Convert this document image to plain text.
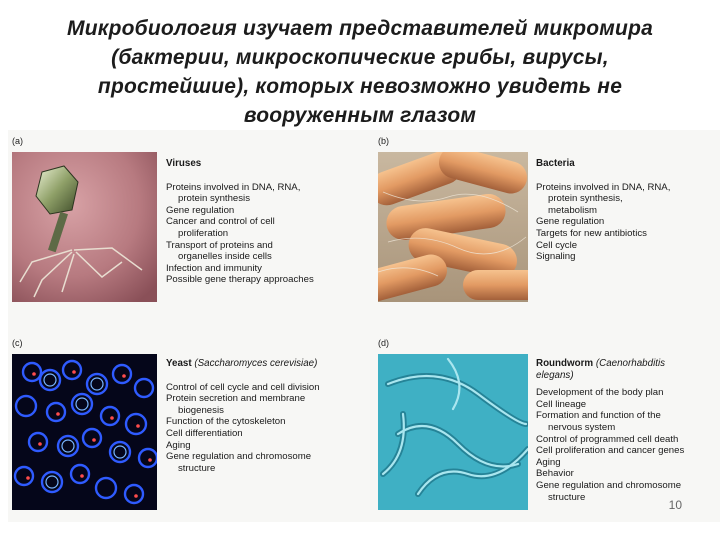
Микробиология изучает представителей микромира
(бактерии, микроскопические грибы, вирусы,
простейшие), которых невозможно увидеть не
вооруженным глазом
(a)
Viruses
Proteins involved in DNA, RNA,
protein synthesis
Gene regulation
Cancer and control of cell
proliferation
Transport of proteins and
organelles inside cells
Infection and immunity
Possible gene therapy approaches
(b)
Bacteria
Proteins involved in DNA, RNA,
protein synthesis,
metabolism
Gene regulation
Targets for new antibiotics
Cell cycle
Signaling
(c)
Yeast (Saccharomyces cerevisiae)
Control of cell cycle and cell division
Protein secretion and membrane
biogenesis
Function of the cytoskeleton
Cell differentiation
Aging
Gene regulation and chromosome
structure
(d)
Roundworm (Caenorhabditis
elegans)
Development of the body plan
Cell lineage
Formation and function of the
nervous system
Control of programmed cell death
Cell proliferation and cancer genes
Aging
Behavior
Gene regulation and chromosome
structure
10
